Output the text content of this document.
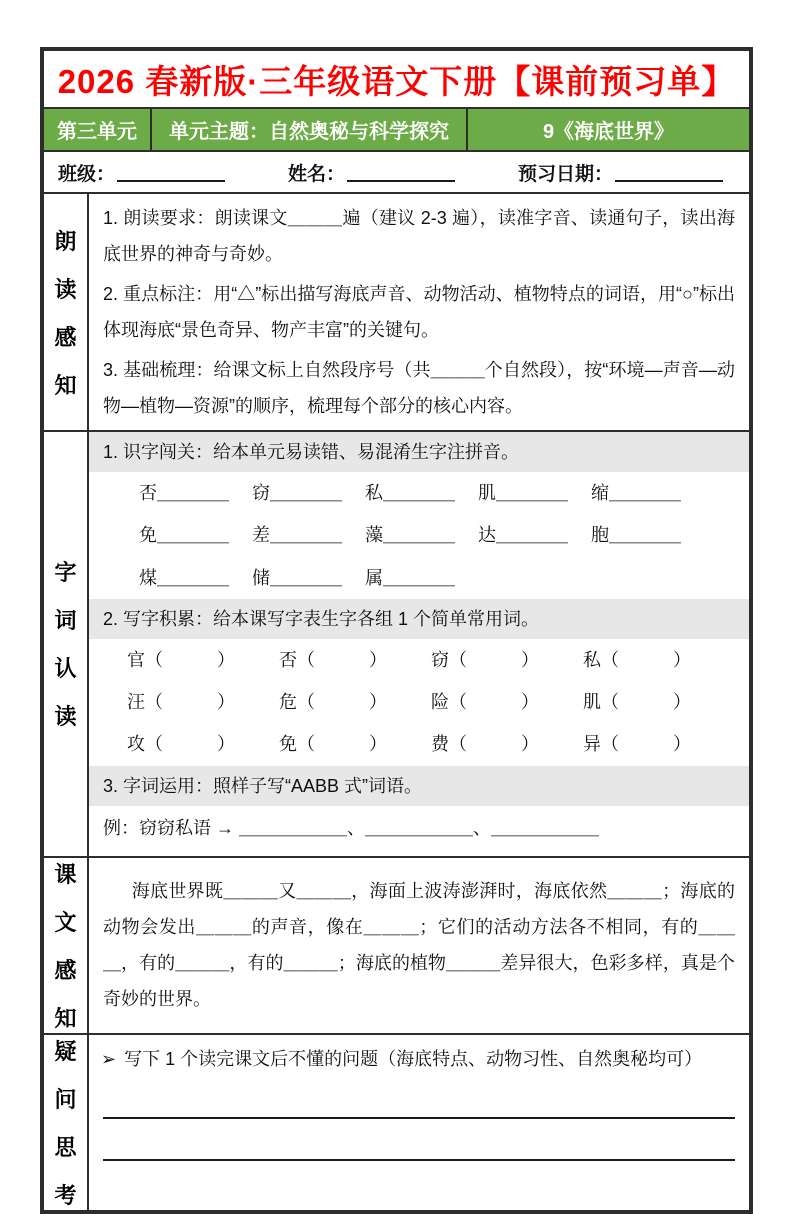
2026 春新版·三年级语文下册【课前预习单】
第三单元	单元主题：自然奥秘与科学探究	9《海底世界》
班级：	姓名：	预习日期：
朗
读
感
知
1. 朗读要求：朗读课文＿＿＿遍（建议 2-3 遍），读准字音、读通句子，读出海底世界的神奇与奇妙。
2. 重点标注：用“△”标出描写海底声音、动物活动、植物特点的词语，用“○”标出体现海底“景色奇异、物产丰富”的关键句。
3. 基础梳理：给课文标上自然段序号（共＿＿＿个自然段），按“环境—声音—动物—植物—资源”的顺序，梳理每个部分的核心内容。
字
词
认
读
1. 识字闯关：给本单元易读错、易混淆生字注拼音。
否＿＿＿＿	窃＿＿＿＿	私＿＿＿＿	肌＿＿＿＿	缩＿＿＿＿
免＿＿＿＿	差＿＿＿＿	藻＿＿＿＿	达＿＿＿＿	胞＿＿＿＿
煤＿＿＿＿	储＿＿＿＿	属＿＿＿＿
2. 写字积累：给本课写字表生字各组 1 个简单常用词。
官（　　　）	否（　　　）	窃（　　　）	私（　　　）
汪（　　　）	危（　　　）	险（　　　）	肌（　　　）
攻（　　　）	免（　　　）	费（　　　）	异（　　　）
3. 字词运用：照样子写“AABB 式”词语。
例：窃窃私语 → ＿＿＿＿＿＿、＿＿＿＿＿＿、＿＿＿＿＿＿
课
文
感
知
海底世界既＿＿＿又＿＿＿，海面上波涛澎湃时，海底依然＿＿＿；海底的动物会发出＿＿＿的声音，像在＿＿＿；它们的活动方法各不相同，有的＿＿＿，有的＿＿＿，有的＿＿＿；海底的植物＿＿＿差异很大，色彩多样，真是个奇妙的世界。
疑
问
思
考
➢ 写下 1 个读完课文后不懂的问题（海底特点、动物习性、自然奥秘均可）
